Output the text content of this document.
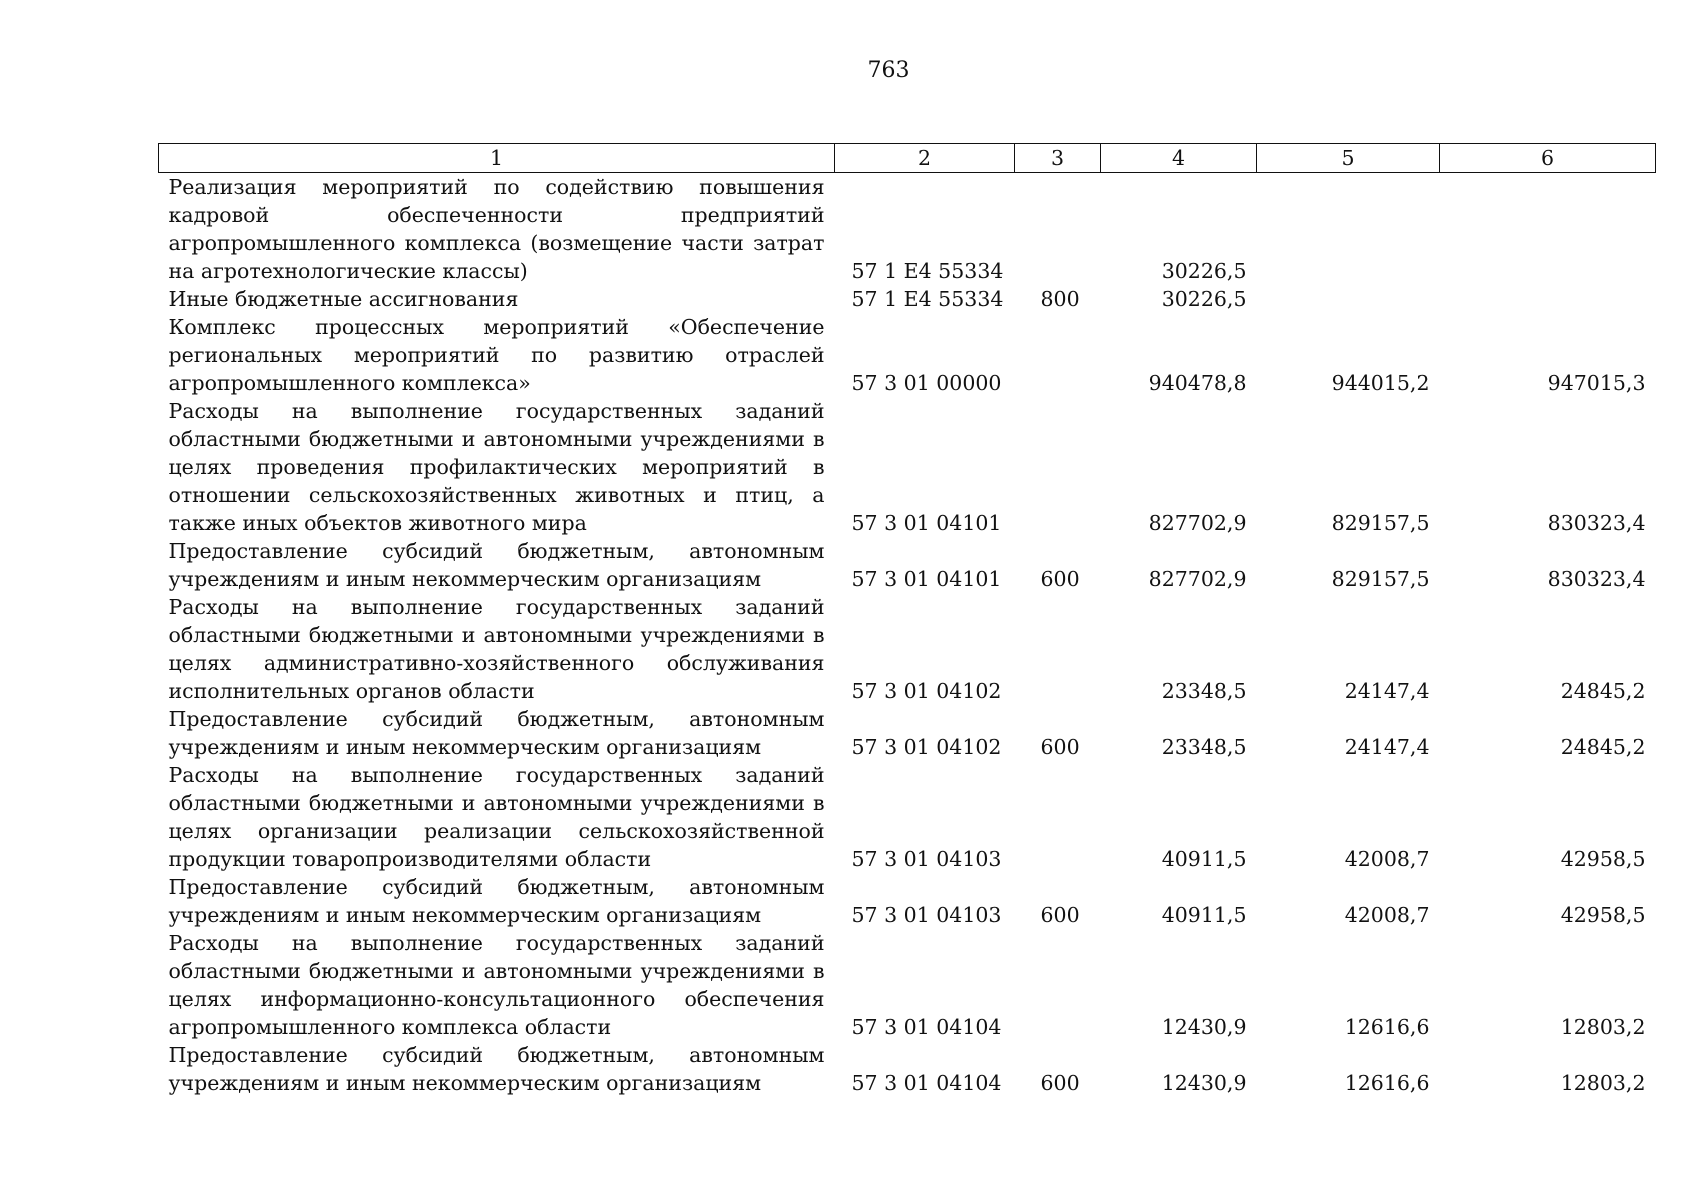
763
1	2	3	4	5	6
Реализация мероприятий по содействию повышения кадровой обеспеченности предприятий агропромышленного комплекса (возмещение части затрат на агротехнологические классы)	57 1 E4 55334		30226,5		
Иные бюджетные ассигнования	57 1 E4 55334	800	30226,5		
Комплекс процессных мероприятий «Обеспечение региональных мероприятий по развитию отраслей агропромышленного комплекса»	57 3 01 00000		940478,8	944015,2	947015,3
Расходы на выполнение государственных заданий областными бюджетными и автономными учреждениями в целях проведения профилактических мероприятий в отношении сельскохозяйственных животных и птиц, а также иных объектов животного мира	57 3 01 04101		827702,9	829157,5	830323,4
Предоставление субсидий бюджетным, автономным учреждениям и иным некоммерческим организациям	57 3 01 04101	600	827702,9	829157,5	830323,4
Расходы на выполнение государственных заданий областными бюджетными и автономными учреждениями в целях административно-хозяйственного обслуживания исполнительных органов области	57 3 01 04102		23348,5	24147,4	24845,2
Предоставление субсидий бюджетным, автономным учреждениям и иным некоммерческим организациям	57 3 01 04102	600	23348,5	24147,4	24845,2
Расходы на выполнение государственных заданий областными бюджетными и автономными учреждениями в целях организации реализации сельскохозяйственной продукции товаропроизводителями области	57 3 01 04103		40911,5	42008,7	42958,5
Предоставление субсидий бюджетным, автономным учреждениям и иным некоммерческим организациям	57 3 01 04103	600	40911,5	42008,7	42958,5
Расходы на выполнение государственных заданий областными бюджетными и автономными учреждениями в целях информационно-консультационного обеспечения агропромышленного комплекса области	57 3 01 04104		12430,9	12616,6	12803,2
Предоставление субсидий бюджетным, автономным учреждениям и иным некоммерческим организациям	57 3 01 04104	600	12430,9	12616,6	12803,2
